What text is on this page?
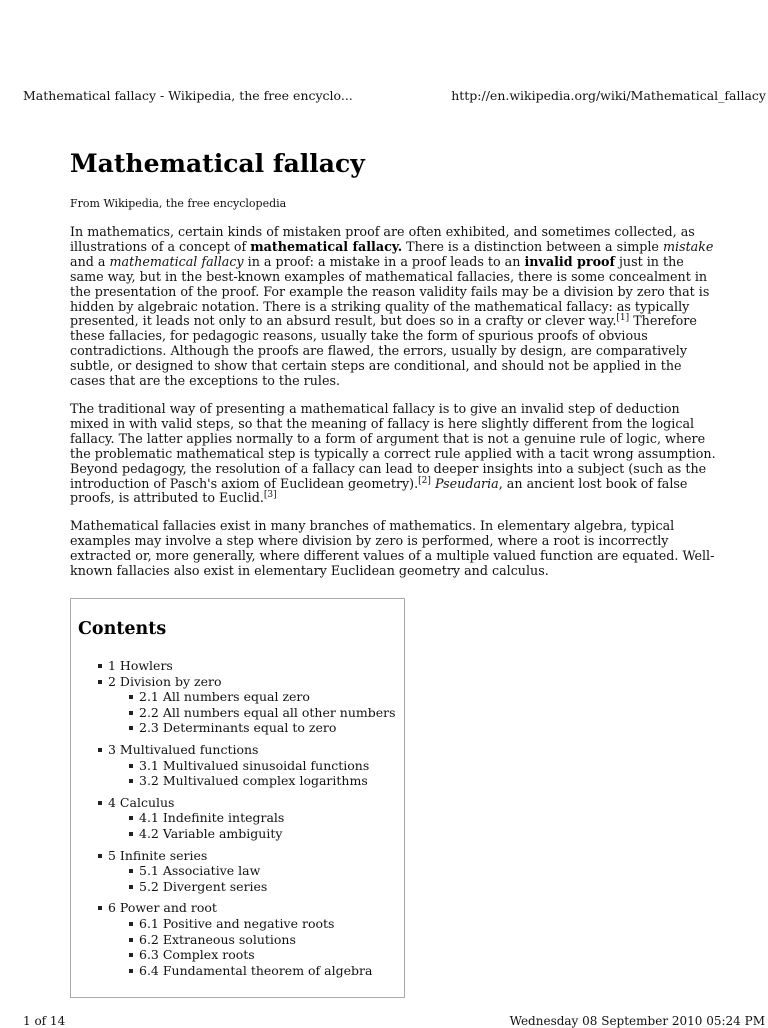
Mathematical fallacy - Wikipedia, the free encyclo...	http://en.wikipedia.org/wiki/Mathematical_fallacy
Mathematical fallacy
From Wikipedia, the free encyclopedia

In mathematics, certain kinds of mistaken proof are often exhibited, and sometimes collected, as illustrations of a concept of mathematical fallacy. There is a distinction between a simple mistake and a mathematical fallacy in a proof: a mistake in a proof leads to an invalid proof just in the same way, but in the best-known examples of mathematical fallacies, there is some concealment in the presentation of the proof. For example the reason validity fails may be a division by zero that is hidden by algebraic notation. There is a striking quality of the mathematical fallacy: as typically presented, it leads not only to an absurd result, but does so in a crafty or clever way.[1] Therefore these fallacies, for pedagogic reasons, usually take the form of spurious proofs of obvious contradictions. Although the proofs are flawed, the errors, usually by design, are comparatively subtle, or designed to show that certain steps are conditional, and should not be applied in the cases that are the exceptions to the rules.

The traditional way of presenting a mathematical fallacy is to give an invalid step of deduction mixed in with valid steps, so that the meaning of fallacy is here slightly different from the logical fallacy. The latter applies normally to a form of argument that is not a genuine rule of logic, where the problematic mathematical step is typically a correct rule applied with a tacit wrong assumption. Beyond pedagogy, the resolution of a fallacy can lead to deeper insights into a subject (such as the introduction of Pasch's axiom of Euclidean geometry).[2] Pseudaria, an ancient lost book of false proofs, is attributed to Euclid.[3]

Mathematical fallacies exist in many branches of mathematics. In elementary algebra, typical examples may involve a step where division by zero is performed, where a root is incorrectly extracted or, more generally, where different values of a multiple valued function are equated. Well-known fallacies also exist in elementary Euclidean geometry and calculus.

Contents
1 Howlers
2 Division by zero
2.1 All numbers equal zero
2.2 All numbers equal all other numbers
2.3 Determinants equal to zero
3 Multivalued functions
3.1 Multivalued sinusoidal functions
3.2 Multivalued complex logarithms
4 Calculus
4.1 Indefinite integrals
4.2 Variable ambiguity
5 Infinite series
5.1 Associative law
5.2 Divergent series
6 Power and root
6.1 Positive and negative roots
6.2 Extraneous solutions
6.3 Complex roots
6.4 Fundamental theorem of algebra
1 of 14	Wednesday 08 September 2010 05:24 PM
